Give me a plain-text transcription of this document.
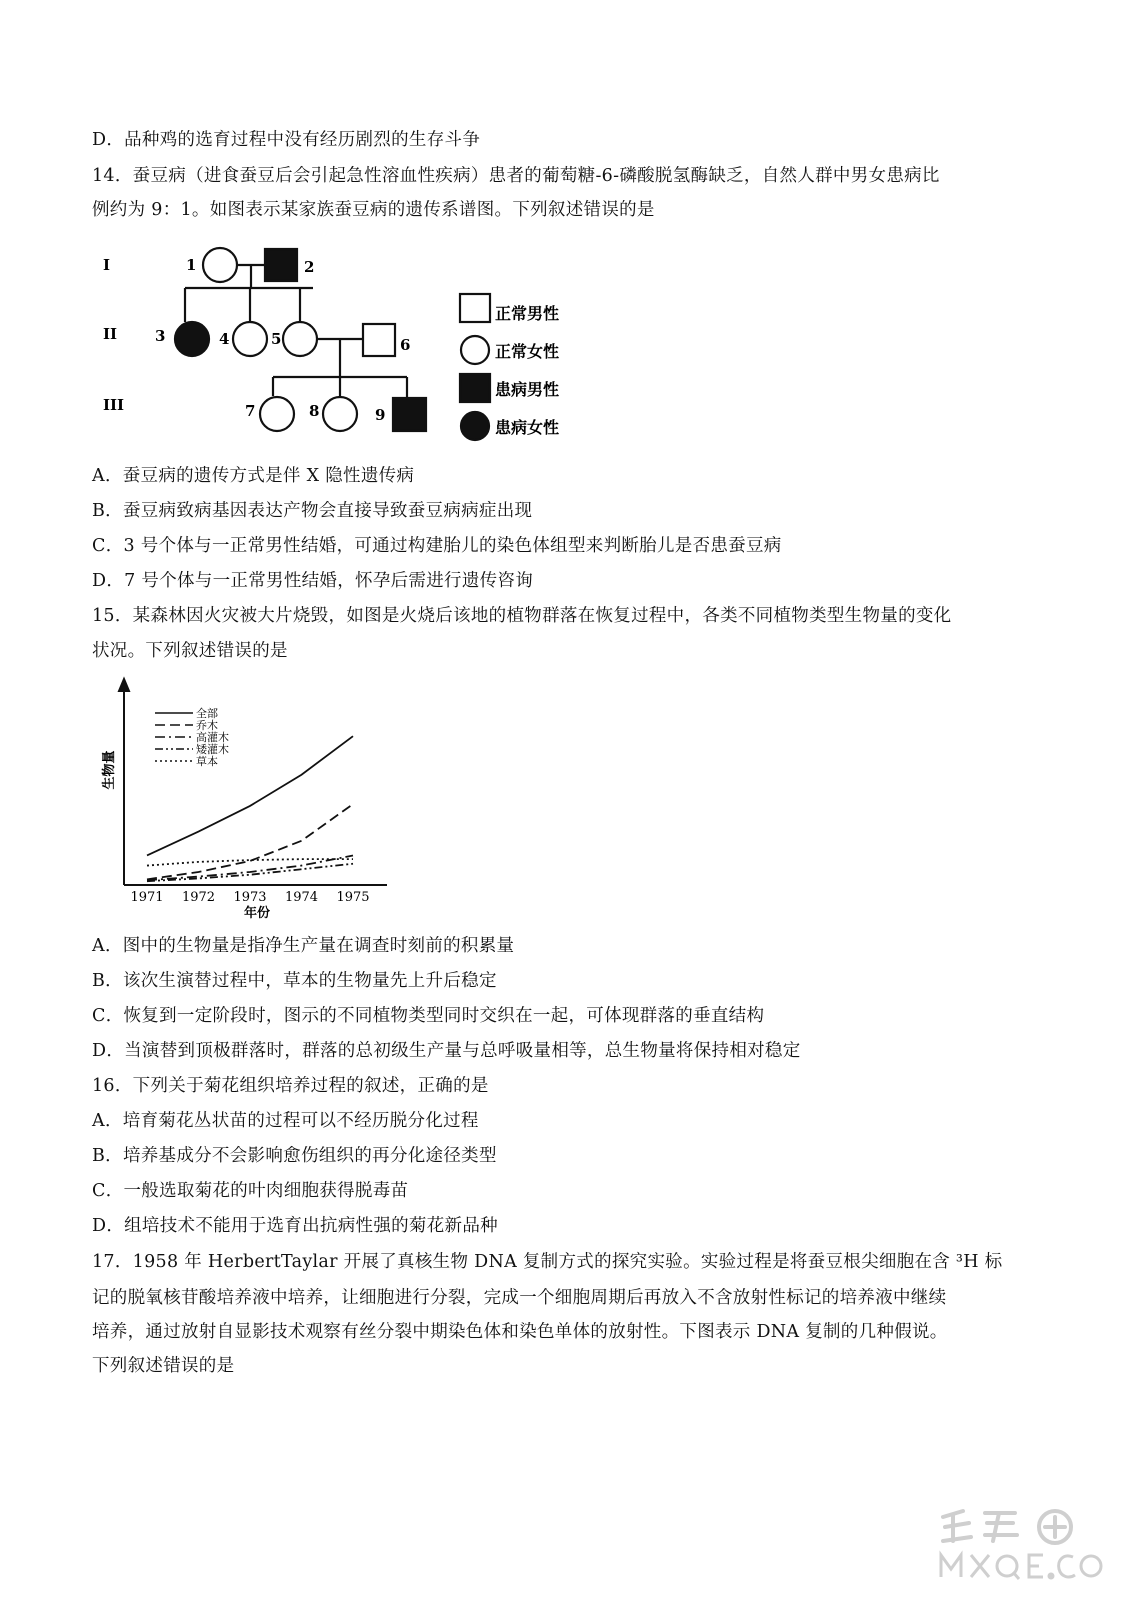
D．品种鸡的选育过程中没有经历剧烈的生存斗争
14．蚕豆病（进食蚕豆后会引起急性溶血性疾病）患者的葡萄糖-6-磷酸脱氢酶缺乏，自然人群中男女患病比
例约为 9：1。如图表示某家族蚕豆病的遗传系谱图。下列叙述错误的是
I
II
III
1	2
3	4	5	6
7	8	9
正常男性
正常女性
患病男性
患病女性
A．蚕豆病的遗传方式是伴 X 隐性遗传病
B．蚕豆病致病基因表达产物会直接导致蚕豆病病症出现
C．3 号个体与一正常男性结婚，可通过构建胎儿的染色体组型来判断胎儿是否患蚕豆病
D．7 号个体与一正常男性结婚，怀孕后需进行遗传咨询
15．某森林因火灾被大片烧毁，如图是火烧后该地的植物群落在恢复过程中，各类不同植物类型生物量的变化
状况。下列叙述错误的是
全部
乔木
高灌木
矮灌木
草本
1971 1972 1973 1974 1975
生物量
年份
A．图中的生物量是指净生产量在调查时刻前的积累量
B．该次生演替过程中，草本的生物量先上升后稳定
C．恢复到一定阶段时，图示的不同植物类型同时交织在一起，可体现群落的垂直结构
D．当演替到顶极群落时，群落的总初级生产量与总呼吸量相等，总生物量将保持相对稳定
16．下列关于菊花组织培养过程的叙述，正确的是
A．培育菊花丛状苗的过程可以不经历脱分化过程
B．培养基成分不会影响愈伤组织的再分化途径类型
C．一般选取菊花的叶肉细胞获得脱毒苗
D．组培技术不能用于选育出抗病性强的菊花新品种
17．1958 年 HerbertTaylar 开展了真核生物 DNA 复制方式的探究实验。实验过程是将蚕豆根尖细胞在含 ³H 标
记的脱氧核苷酸培养液中培养，让细胞进行分裂，完成一个细胞周期后再放入不含放射性标记的培养液中继续
培养，通过放射自显影技术观察有丝分裂中期染色体和染色单体的放射性。下图表示 DNA 复制的几种假说。
下列叙述错误的是
